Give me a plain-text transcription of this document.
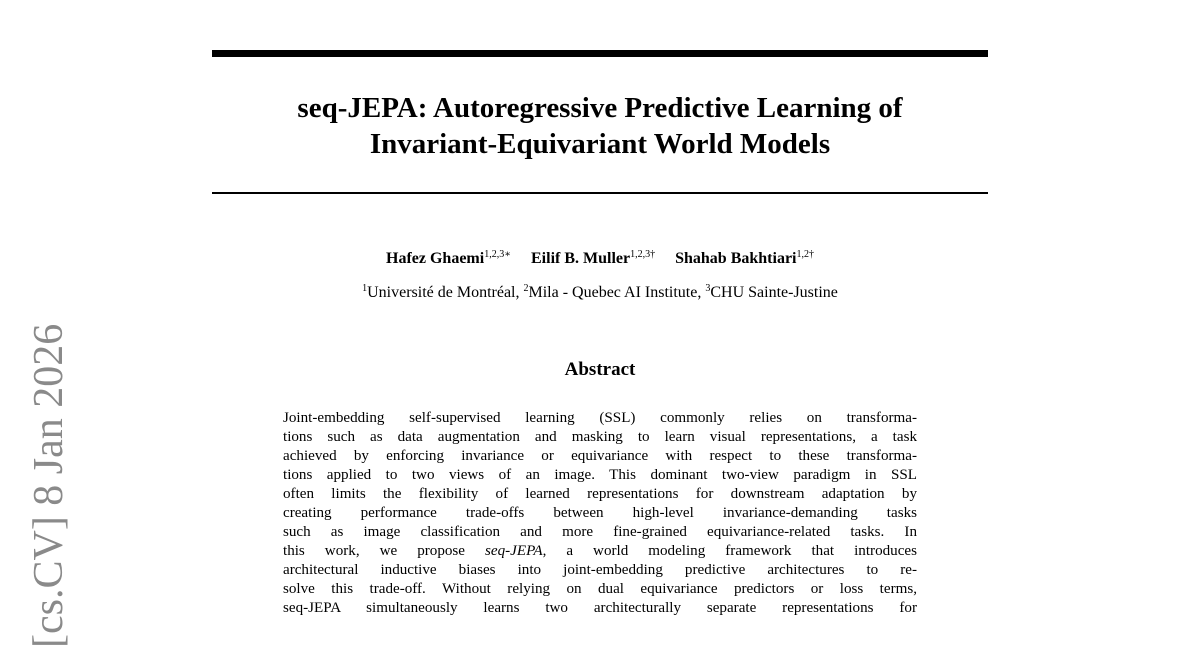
[cs.CV] 8 Jan 2026
seq-JEPA: Autoregressive Predictive Learning of
Invariant-Equivariant World Models
Hafez Ghaemi$^{1,2,3∗}$ Eilif B. Muller$^{1,2,3\dagger}$ Shahab Bakhtiari$^{1,2\dagger}$
$^1$Université de Montréal, $^2$Mila - Quebec AI Institute, $^3$CHU Sainte-Justine
Abstract
Joint-embedding self-supervised learning (SSL) commonly relies on transforma-
tions such as data augmentation and masking to learn visual representations, a task
achieved by enforcing invariance or equivariance with respect to these transforma-
tions applied to two views of an image. This dominant two-view paradigm in SSL
often limits the flexibility of learned representations for downstream adaptation by
creating performance trade-offs between high-level invariance-demanding tasks
such as image classification and more fine-grained equivariance-related tasks. In
this work, we propose seq-JEPA, a world modeling framework that introduces
architectural inductive biases into joint-embedding predictive architectures to re-
solve this trade-off. Without relying on dual equivariance predictors or loss terms,
seq-JEPA simultaneously learns two architecturally separate representations for
